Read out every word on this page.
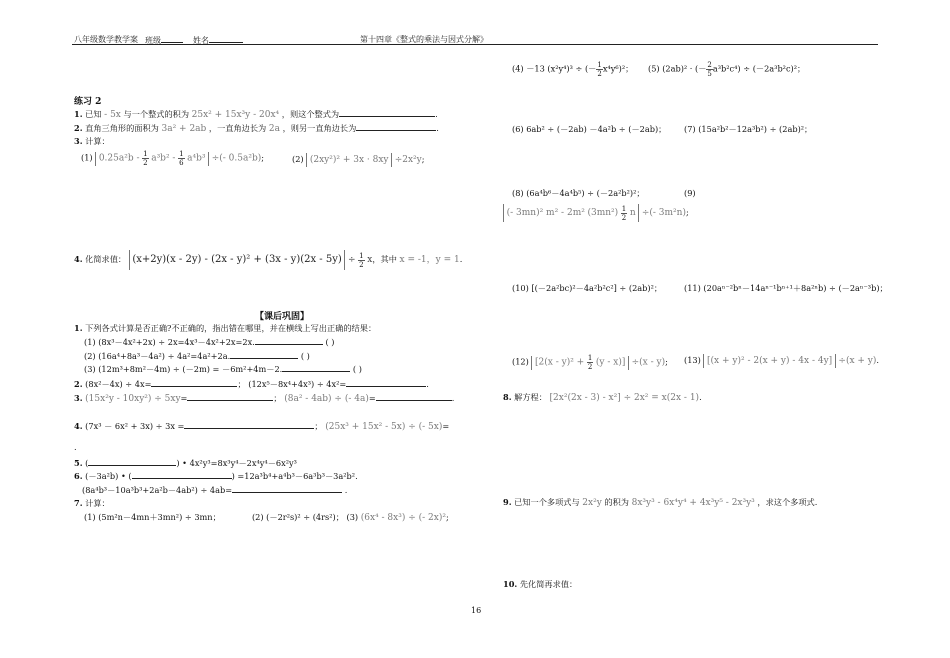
八年级数学教学案 班级	姓名	第十四章《整式的乘法与因式分解》
练习 2
1. 已知 - 5x 与一个整式的积为 25x² + 15x³y - 20x⁴ ，则这个整式为	.
2. 直角三角形的面积为 3a² + 2ab ，一直角边长为 2a ，则另一直角边长为	.
3. 计算：
(1) $0.25a^2b - \frac{1}{2} a^3b^2 - \frac{1}{6} a^4b^3$ ÷(- 0.5a²b);	(2) (2xy²)² + 3x · 8xy ÷2x²y;
4. 化简求值： $(x+2y)(x - 2y) - (2x - y)^2 + (3x - y)(2x - 5y) \div \frac{1}{2}$ x，其中 x = -1，y = 1.
【课后巩固】
1. 下列各式计算是否正确?不正确的，指出错在哪里，并在横线上写出正确的结果：
(1) (8x³－4x²+2x) ÷ 2x=4x³－4x²+2x=2x.	( )
(2) (16a⁴+8a³－4a²) ÷ 4a²=4a²+2a.	( )
(3) (12m³+8m²－4m) ÷ (－2m) = －6m²+4m－2.	( )
2. (8x²－4x) ÷ 4x=	； (12x⁵－8x⁴+4x³) ÷ 4x²=	.
3. (15x²y - 10xy²) ÷ 5xy=	； (8a² - 4ab) ÷ (- 4a)=	.
4. (7x³ － 6x² + 3x) ÷ 3x =	； (25x³ + 15x² - 5x) ÷ (- 5x)=
.
5. (	) • 4x²y³=8x³y⁴－2x⁴y⁴－6x²y³
6. (－3a²b) • (	) =12a³b⁴+a⁴b³－6a³b³－3a²b².
(8a⁴b³－10a³b³+2a²b－4ab²) ÷ 4ab=	.
7. 计算：
(1) (5m²n－4mn＋3mn²) ÷ 3mn；	(2) (－2r²s)² ÷ (4rs²)； (3) (6x⁴ - 8x³) ÷ (- 2x)²;
(4) －13 (x²y⁴)³ ÷ (－ $\frac{1}{2}x^4y^6)^2$； (5) (2ab)² · (－ $\frac{2}{5}a^3b^2c^4) \div (-2a^3b^2c)^2$；
(6) 6ab² ÷ (－2ab) －4a²b ÷ (－2ab)； (7) (15a²b²－12a³b²) ÷ (2ab)²；
(8) (6a⁴b⁶－4a⁴b⁵) ÷ (－2a²b²)²；	(9)
(- 3mn)² m² - 2m² $(3mn^2) \frac{1}{2}$ n ÷(- 3m²n);
(10) [(－2a²bc)²－4a²b²c²] ÷ (2ab)²；	(11) (20aⁿ⁻²bⁿ－14aⁿ⁻¹bⁿ⁺¹＋8a²ⁿb) ÷ (－2aⁿ⁻³b)；
(12) $[2(x - y)^2 + \frac{1}{2} (y - x)] \div(x - y)$; (13) [(x + y)² - 2(x + y) - 4x - 4y] ÷(x + y).
8. 解方程： [2x²(2x - 3) - x²] ÷ 2x² = x(2x - 1).
9. 已知一个多项式与 2x²y 的积为 8x³y³ - 6x⁴y⁴ + 4x³y⁵ - 2x³y³ ，求这个多项式.
10. 先化简再求值：
16
